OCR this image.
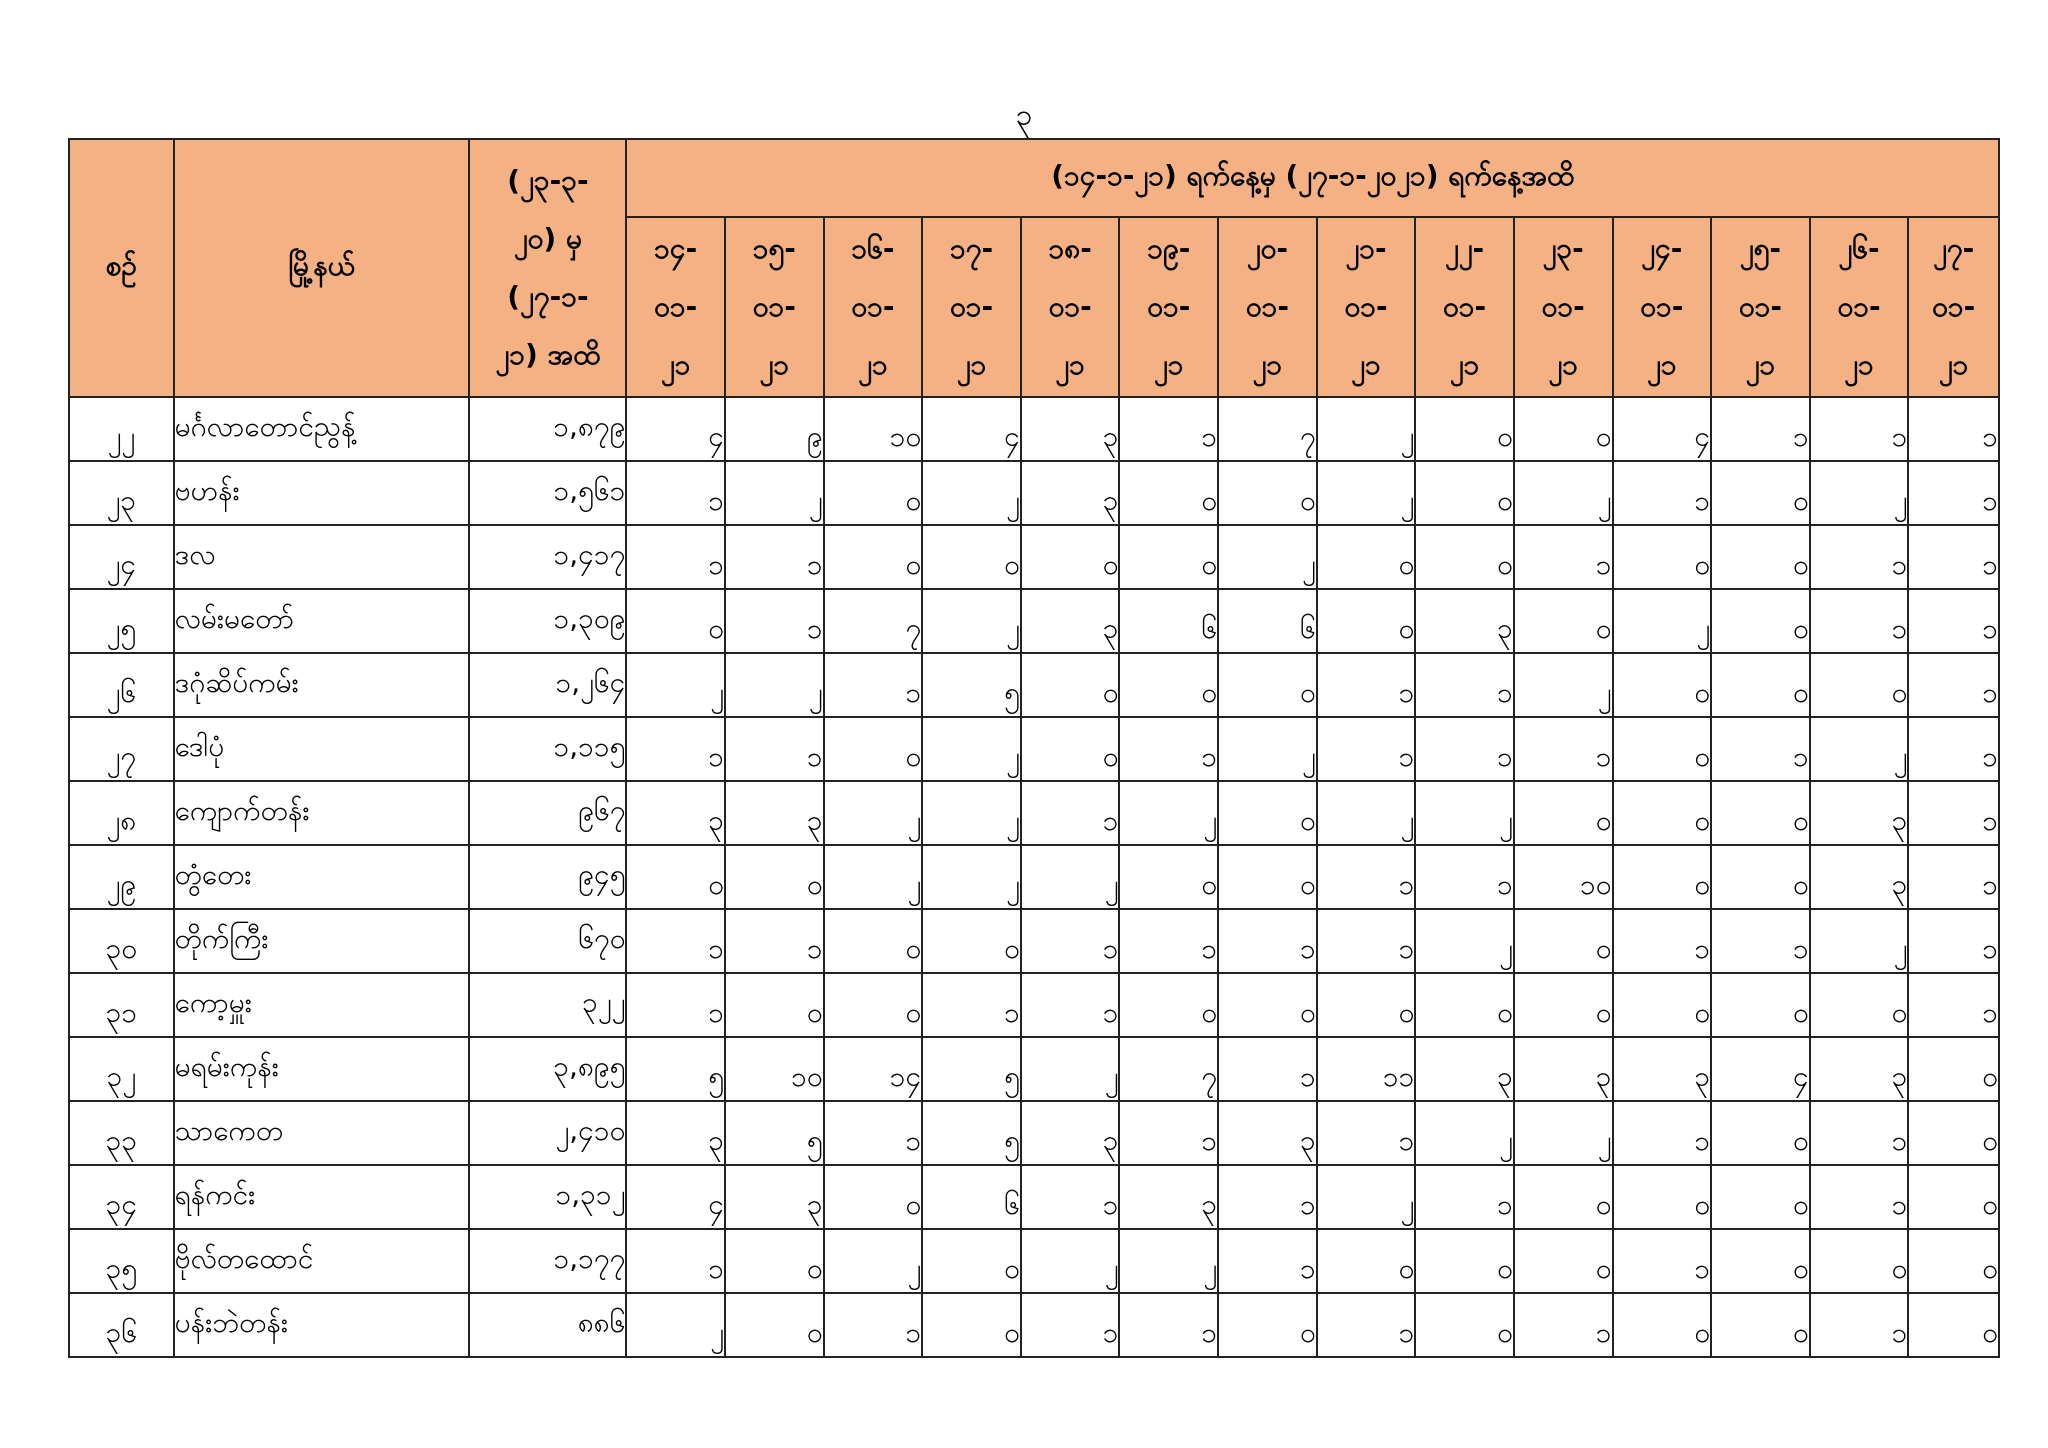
၃
စဉ်	မြို့နယ်	(၂၃-၃-
၂၀) မှ
(၂၇-၁-
၂၁) အထိ	(၁၄-၁-၂၁) ရက်နေ့မှ (၂၇-၁-၂၀၂၁) ရက်နေ့အထိ													

			၁၄-
၀၁-
၂၁	၁၅-
၀၁-
၂၁	၁၆-
၀၁-
၂၁	၁၇-
၀၁-
၂၁	၁၈-
၀၁-
၂၁	၁၉-
၀၁-
၂၁	၂၀-
၀၁-
၂၁	၂၁-
၀၁-
၂၁	၂၂-
၀၁-
၂၁	၂၃-
၀၁-
၂၁	၂၄-
၀၁-
၂၁	၂၅-
၀၁-
၂၁	၂၆-
၀၁-
၂၁	၂၇-
၀၁-
၂၁

၂၂	မင်္ဂလာတောင်ညွန့်	၁,၈၇၉	၄	၉	၁၀	၄	၃	၁	၇	၂	၀	၀	၄	၁	၁	၁
၂၃	ဗဟန်း	၁,၅၆၁	၁	၂	၀	၂	၃	၀	၀	၂	၀	၂	၁	၀	၂	၁
၂၄	ဒလ	၁,၄၁၇	၁	၁	၀	၀	၀	၀	၂	၀	၀	၁	၀	၀	၁	၁
၂၅	လမ်းမတော်	၁,၃၀၉	၀	၁	၇	၂	၃	၆	၆	၀	၃	၀	၂	၀	၁	၁
၂၆	ဒဂုံဆိပ်ကမ်း	၁,၂၆၄	၂	၂	၁	၅	၀	၀	၀	၁	၁	၂	၀	၀	၀	၁
၂၇	ဒေါပုံ	၁,၁၁၅	၁	၁	၀	၂	၀	၁	၂	၁	၁	၁	၀	၁	၂	၁
၂၈	ကျောက်တန်း	၉၆၇	၃	၃	၂	၂	၁	၂	၀	၂	၂	၀	၀	၀	၃	၁
၂၉	တွံတေး	၉၄၅	၀	၀	၂	၂	၂	၀	၀	၁	၁	၁၀	၀	၀	၃	၁
၃၀	တိုက်ကြီး	၆၇၀	၁	၁	၀	၀	၁	၁	၁	၁	၂	၀	၁	၁	၂	၁
၃၁	ကော့မှူး	၃၂၂	၁	၀	၀	၁	၁	၀	၀	၀	၀	၀	၀	၀	၀	၁
၃၂	မရမ်းကုန်း	၃,၈၉၅	၅	၁၀	၁၄	၅	၂	၇	၁	၁၁	၃	၃	၃	၄	၃	၀
၃၃	သာကေတ	၂,၄၁၀	၃	၅	၁	၅	၃	၁	၃	၁	၂	၂	၁	၀	၁	၀
၃၄	ရန်ကင်း	၁,၃၁၂	၄	၃	၀	၆	၁	၃	၁	၂	၁	၀	၀	၀	၁	၀
၃၅	ဗိုလ်တထောင်	၁,၁၇၇	၁	၀	၂	၀	၂	၂	၁	၀	၀	၀	၁	၀	၀	၀
၃၆	ပန်းဘဲတန်း	၈၈၆	၂	၀	၁	၀	၁	၁	၀	၁	၀	၁	၀	၀	၁	၀
